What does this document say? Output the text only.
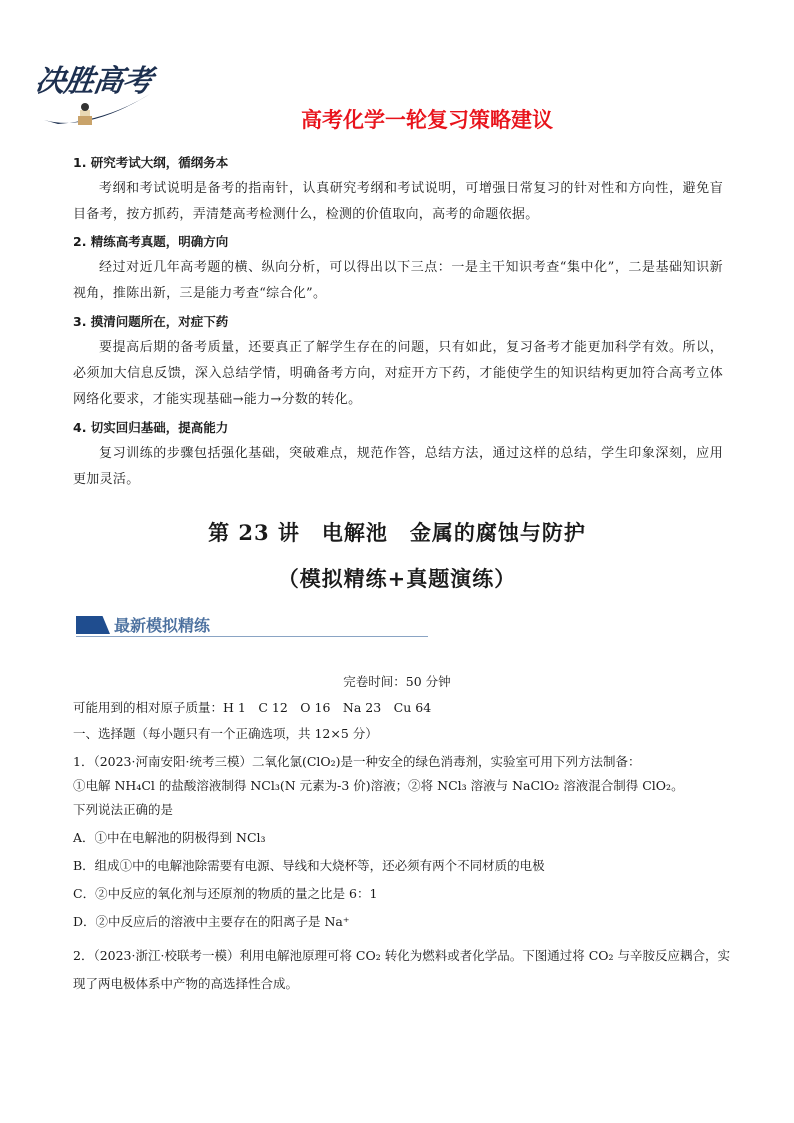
决胜高考
高考化学一轮复习策略建议
1. 研究考试大纲，循纲务本
考纲和考试说明是备考的指南针，认真研究考纲和考试说明，可增强日常复习的针对性和方向性，避免盲目备考，按方抓药，弄清楚高考检测什么，检测的价值取向，高考的命题依据。
2. 精练高考真题，明确方向
经过对近几年高考题的横、纵向分析，可以得出以下三点：一是主干知识考查“集中化”，二是基础知识新视角，推陈出新，三是能力考查“综合化”。
3. 摸清问题所在，对症下药
要提高后期的备考质量，还要真正了解学生存在的问题，只有如此，复习备考才能更加科学有效。所以，必须加大信息反馈，深入总结学情，明确备考方向，对症开方下药，才能使学生的知识结构更加符合高考立体网络化要求，才能实现基础→能力→分数的转化。
4. 切实回归基础，提高能力
复习训练的步骤包括强化基础，突破难点，规范作答，总结方法，通过这样的总结，学生印象深刻，应用更加灵活。
第 23 讲　电解池　金属的腐蚀与防护
（模拟精练+真题演练）
最新模拟精练
完卷时间：50 分钟
可能用到的相对原子质量：H 1　C 12　O 16　Na 23　Cu 64
一、选择题（每小题只有一个正确选项，共 12×5 分）
1．（2023·河南安阳·统考三模）二氧化氯(ClO₂)是一种安全的绿色消毒剂，实验室可用下列方法制备：
①电解 NH₄Cl 的盐酸溶液制得 NCl₃(N 元素为-3 价)溶液；②将 NCl₃ 溶液与 NaClO₂ 溶液混合制得 ClO₂。
下列说法正确的是
A．①中在电解池的阴极得到 NCl₃
B．组成①中的电解池除需要有电源、导线和大烧杯等，还必须有两个不同材质的电极
C．②中反应的氧化剂与还原剂的物质的量之比是 6：1
D．②中反应后的溶液中主要存在的阳离子是 Na⁺
2．（2023·浙江·校联考一模）利用电解池原理可将 CO₂ 转化为燃料或者化学品。下图通过将 CO₂ 与辛胺反应耦合，实现了两电极体系中产物的高选择性合成。
